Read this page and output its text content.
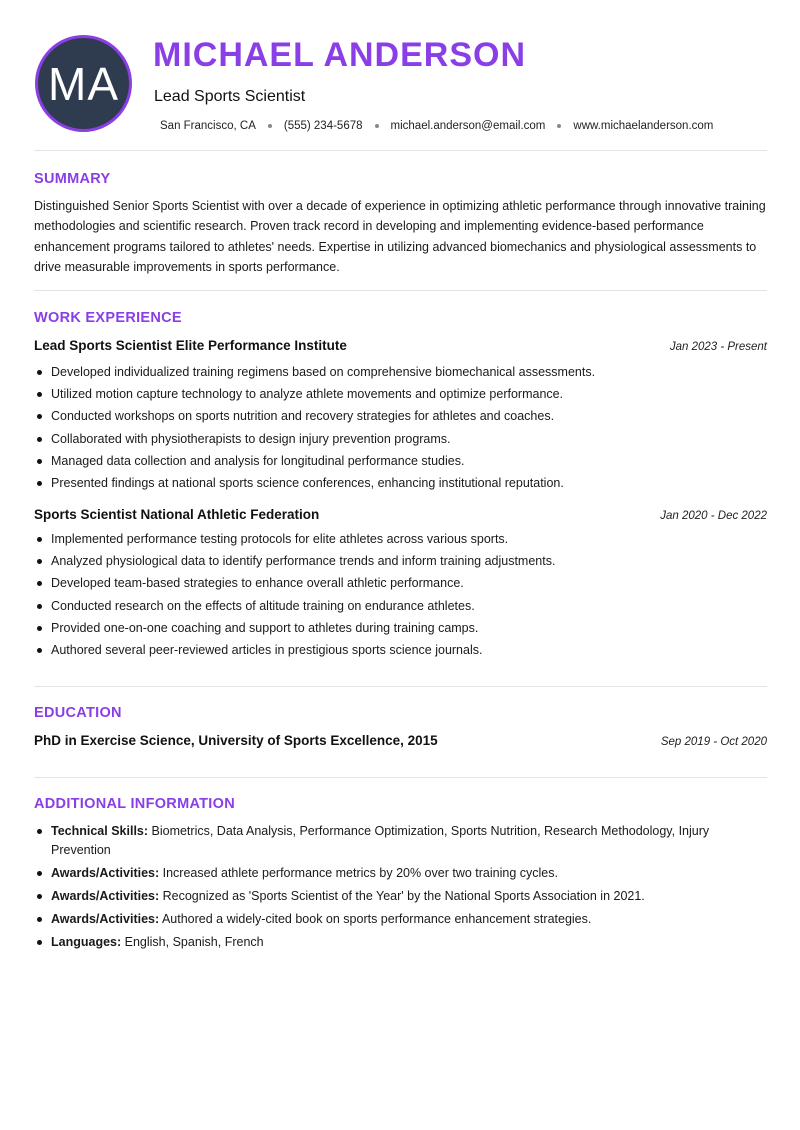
MA
MICHAEL ANDERSON
Lead Sports Scientist
San Francisco, CA (555) 234-5678 michael.anderson@email.com www.michaelanderson.com
SUMMARY
Distinguished Senior Sports Scientist with over a decade of experience in optimizing athletic performance through innovative training methodologies and scientific research. Proven track record in developing and implementing evidence-based performance enhancement programs tailored to athletes' needs. Expertise in utilizing advanced biomechanics and physiological assessments to drive measurable improvements in sports performance.
WORK EXPERIENCE
Lead Sports Scientist Elite Performance Institute	Jan 2023 - Present
Developed individualized training regimens based on comprehensive biomechanical assessments.
Utilized motion capture technology to analyze athlete movements and optimize performance.
Conducted workshops on sports nutrition and recovery strategies for athletes and coaches.
Collaborated with physiotherapists to design injury prevention programs.
Managed data collection and analysis for longitudinal performance studies.
Presented findings at national sports science conferences, enhancing institutional reputation.
Sports Scientist National Athletic Federation	Jan 2020 - Dec 2022
Implemented performance testing protocols for elite athletes across various sports.
Analyzed physiological data to identify performance trends and inform training adjustments.
Developed team-based strategies to enhance overall athletic performance.
Conducted research on the effects of altitude training on endurance athletes.
Provided one-on-one coaching and support to athletes during training camps.
Authored several peer-reviewed articles in prestigious sports science journals.
EDUCATION
PhD in Exercise Science, University of Sports Excellence, 2015	Sep 2019 - Oct 2020
ADDITIONAL INFORMATION
Technical Skills: Biometrics, Data Analysis, Performance Optimization, Sports Nutrition, Research Methodology, Injury Prevention
Awards/Activities: Increased athlete performance metrics by 20% over two training cycles.
Awards/Activities: Recognized as 'Sports Scientist of the Year' by the National Sports Association in 2021.
Awards/Activities: Authored a widely-cited book on sports performance enhancement strategies.
Languages: English, Spanish, French
